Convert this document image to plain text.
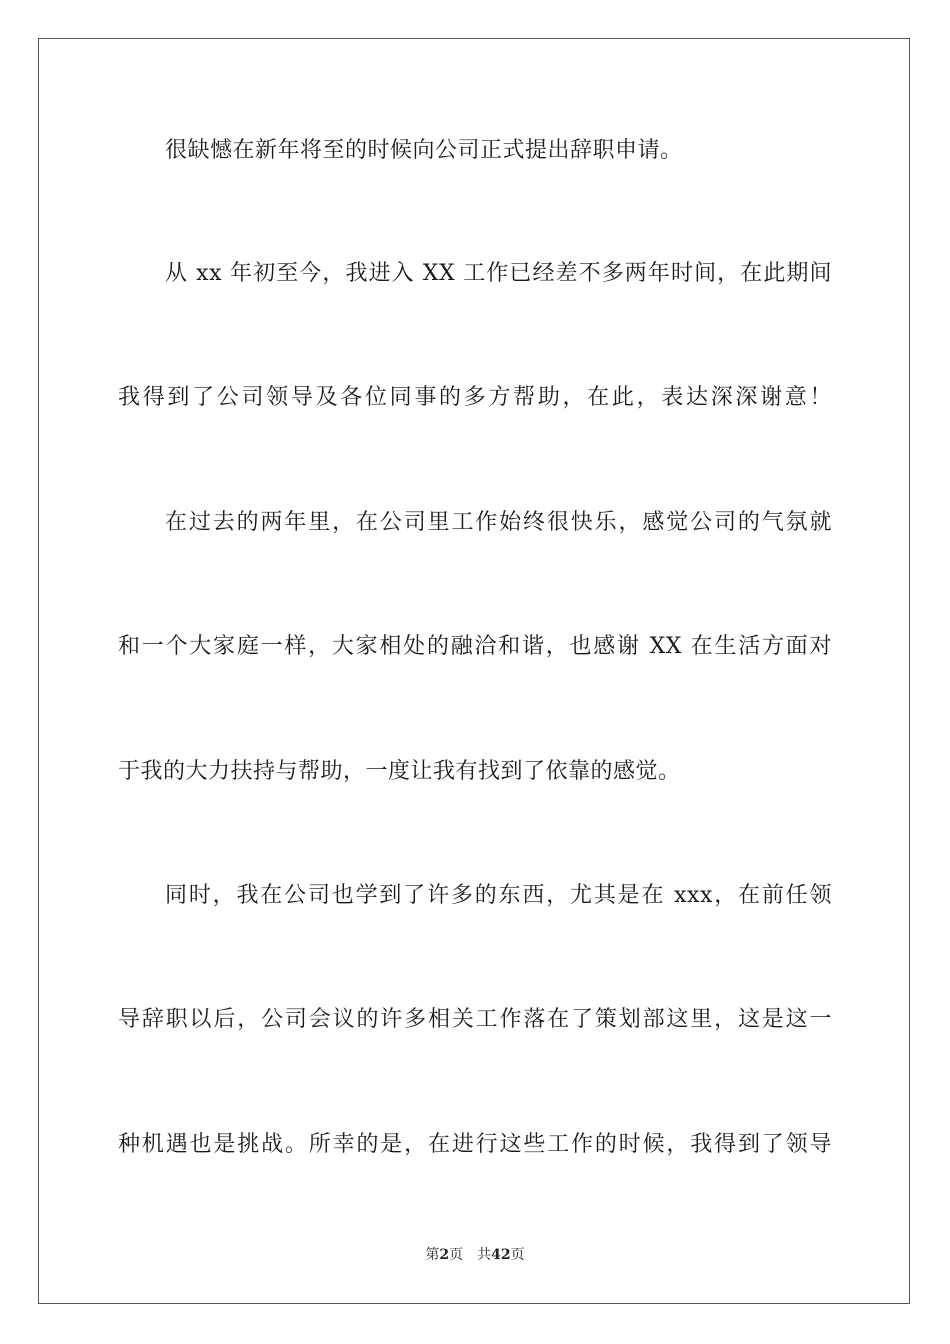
很缺憾在新年将至的时候向公司正式提出辞职申请。
从 xx 年初至今，我进入 XX 工作已经差不多两年时间，在此期间
我得到了公司领导及各位同事的多方帮助，在此，表达深深谢意！
在过去的两年里，在公司里工作始终很快乐，感觉公司的气氛就
和一个大家庭一样，大家相处的融洽和谐，也感谢 XX 在生活方面对
于我的大力扶持与帮助，一度让我有找到了依靠的感觉。
同时，我在公司也学到了许多的东西，尤其是在 xxx，在前任领
导辞职以后，公司会议的许多相关工作落在了策划部这里，这是这一
种机遇也是挑战。所幸的是，在进行这些工作的时候，我得到了领导
第2页 共42页
